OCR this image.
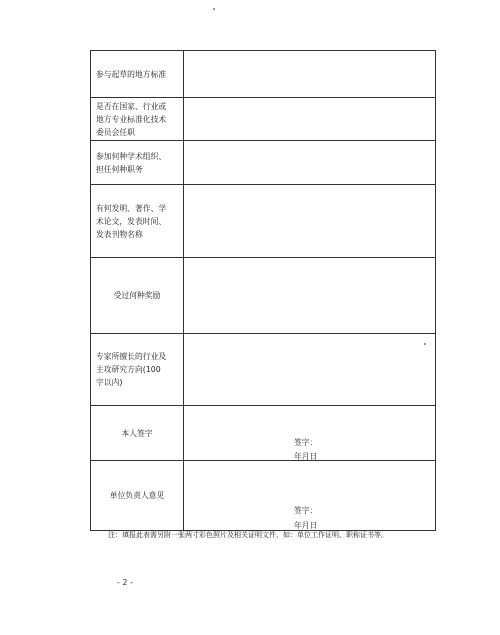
参与起草的地方标准	

是否在国家、行业或
地方专业标准化技术
委员会任职	

参加何种学术组织、
担任何种职务	

有何发明、著作、学
术论文，发表时间、
发表刊物名称	

受过何种奖励	

专家所擅长的行业及
主攻研究方向(100
字以内)	

本人签字	签字：
年月日

单位负责人意见	签字：
年月日
注：填报此表需另附一张两寸彩色照片及相关证明文件，如：单位工作证明、职称证书等。
- 2 -
